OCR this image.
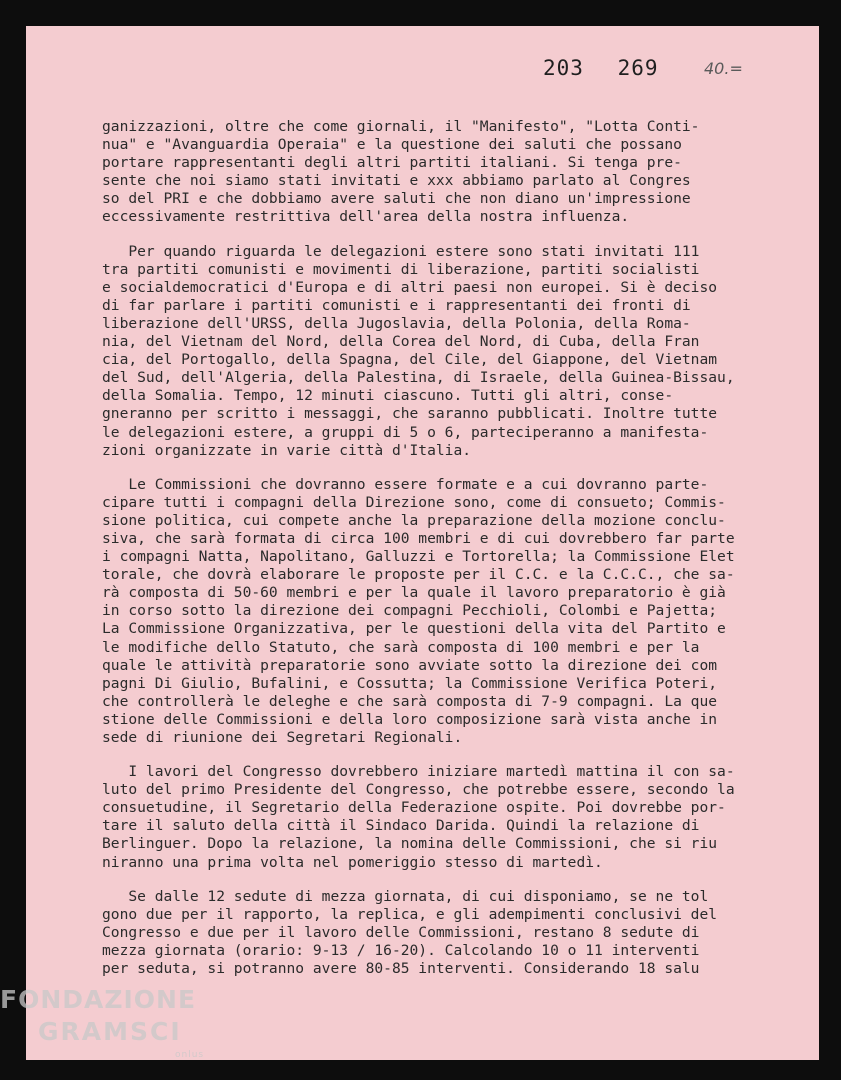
203 269	40.=
ganizzazioni, oltre che come giornali, il "Manifesto", "Lotta Conti-
nua" e "Avanguardia Operaia" e la questione dei saluti che possano
portare rappresentanti degli altri partiti italiani. Si tenga pre-
sente che noi siamo stati invitati e xxx abbiamo parlato al Congres
so del PRI e che dobbiamo avere saluti che non diano un'impressione
eccessivamente restrittiva dell'area della nostra influenza.
Per quando riguarda le delegazioni estere sono stati invitati 111
tra partiti comunisti e movimenti di liberazione, partiti socialisti
e socialdemocratici d'Europa e di altri paesi non europei. Si è deciso
di far parlare i partiti comunisti e i rappresentanti dei fronti di
liberazione dell'URSS, della Jugoslavia, della Polonia, della Roma-
nia, del Vietnam del Nord, della Corea del Nord, di Cuba, della Fran
cia, del Portogallo, della Spagna, del Cile, del Giappone, del Vietnam
del Sud, dell'Algeria, della Palestina, di Israele, della Guinea-Bissau,
della Somalia. Tempo, 12 minuti ciascuno. Tutti gli altri, conse-
gneranno per scritto i messaggi, che saranno pubblicati. Inoltre tutte
le delegazioni estere, a gruppi di 5 o 6, parteciperanno a manifesta-
zioni organizzate in varie città d'Italia.
Le Commissioni che dovranno essere formate e a cui dovranno parte-
cipare tutti i compagni della Direzione sono, come di consueto; Commis-
sione politica, cui compete anche la preparazione della mozione conclu-
siva, che sarà formata di circa 100 membri e di cui dovrebbero far parte
i compagni Natta, Napolitano, Galluzzi e Tortorella; la Commissione Elet
torale, che dovrà elaborare le proposte per il C.C. e la C.C.C., che sa-
rà composta di 50-60 membri e per la quale il lavoro preparatorio è già
in corso sotto la direzione dei compagni Pecchioli, Colombi e Pajetta;
La Commissione Organizzativa, per le questioni della vita del Partito e
le modifiche dello Statuto, che sarà composta di 100 membri e per la
quale le attività preparatorie sono avviate sotto la direzione dei com
pagni Di Giulio, Bufalini, e Cossutta; la Commissione Verifica Poteri,
che controllerà le deleghe e che sarà composta di 7-9 compagni. La que
stione delle Commissioni e della loro composizione sarà vista anche in
sede di riunione dei Segretari Regionali.
I lavori del Congresso dovrebbero iniziare martedì mattina il con sa-
luto del primo Presidente del Congresso, che potrebbe essere, secondo la
consuetudine, il Segretario della Federazione ospite. Poi dovrebbe por-
tare il saluto della città il Sindaco Darida. Quindi la relazione di
Berlinguer. Dopo la relazione, la nomina delle Commissioni, che si riu
niranno una prima volta nel pomeriggio stesso di martedì.
Se dalle 12 sedute di mezza giornata, di cui disponiamo, se ne tol
gono due per il rapporto, la replica, e gli adempimenti conclusivi del
Congresso e due per il lavoro delle Commissioni, restano 8 sedute di
mezza giornata (orario: 9-13 / 16-20). Calcolando 10 o 11 interventi
per seduta, si potranno avere 80-85 interventi. Considerando 18 salu
FONDAZIONE
GRAMSCI
onlus
